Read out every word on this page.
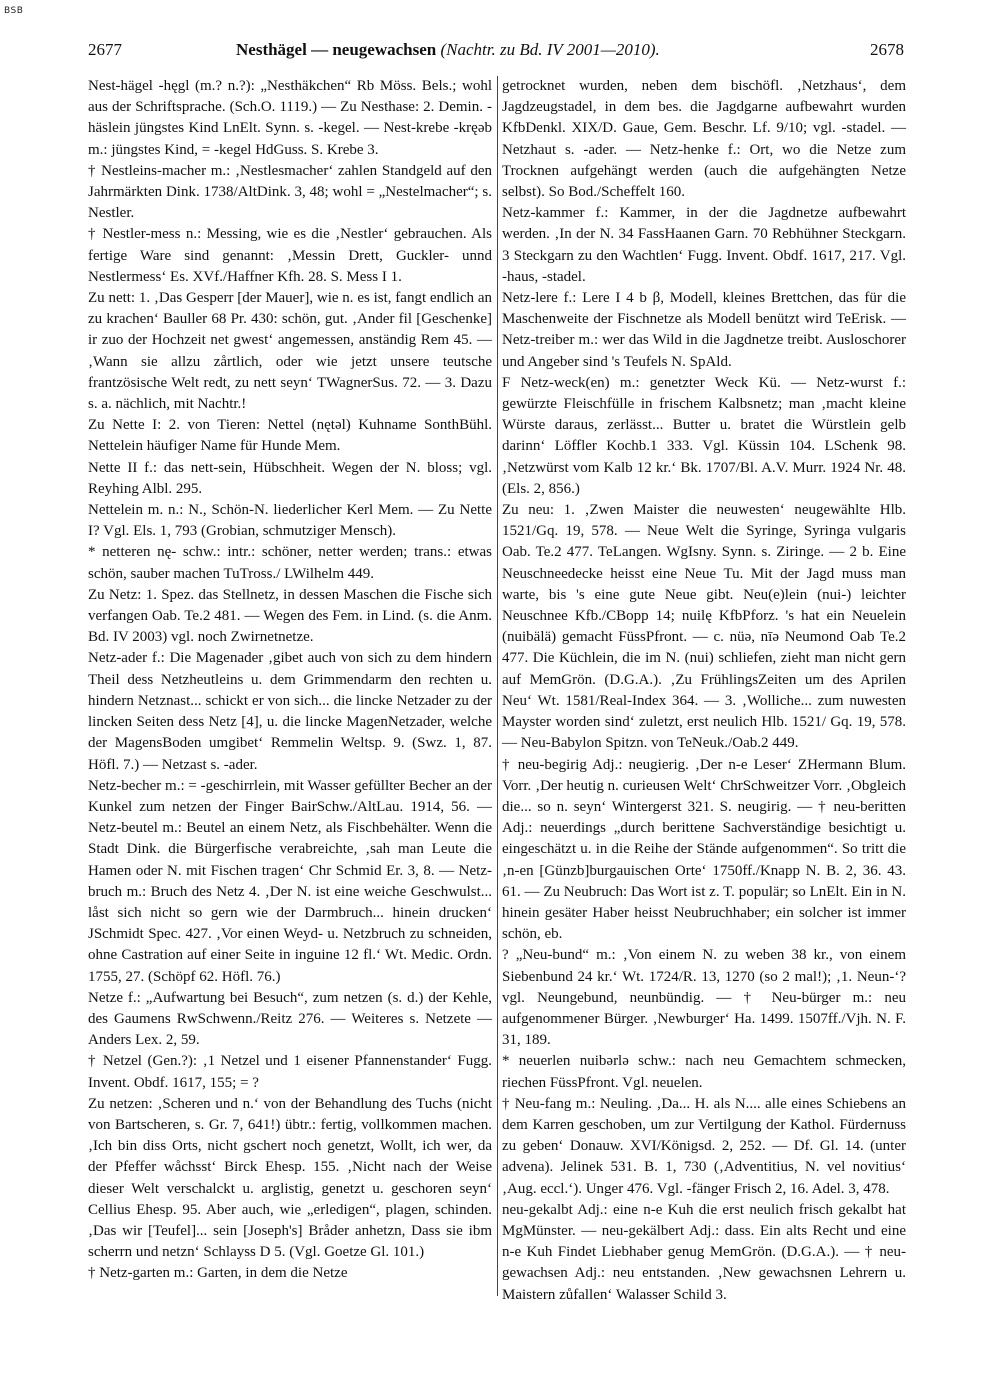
BSB
2677	Nesthägel — neugewachsen (Nachtr. zu Bd. IV 2001—2010).	2678

Nest-hägel -hęgl (m.? n.?): „Nesthäkchen“ Rb Möss. Bels.; wohl aus der Schriftsprache. (Sch.O. 1119.) — Zu Nesthase: 2. Demin. -häslein jüngstes Kind LnElt. Synn. s. -kegel. — Nest-krebe -kręəb m.: jüngstes Kind, = -kegel HdGuss. S. Krebe 3.

† Nestleins-macher m.: ‚Nestlesmacher‘ zahlen Standgeld auf den Jahrmärkten Dink. 1738/AltDink. 3, 48; wohl = „Nestelmacher“; s. Nestler.

† Nestler-mess n.: Messing, wie es die ‚Nestler‘ gebrauchen. Als fertige Ware sind genannt: ‚Messin Drett, Guckler- unnd Nestlermess‘ Es. XVf./Haffner Kfh. 28. S. Mess I 1.

Zu nett: 1. ‚Das Gesperr [der Mauer], wie n. es ist, fangt endlich an zu krachen‘ Bauller 68 Pr. 430: schön, gut. ‚Ander fil [Geschenke] ir zuo der Hochzeit net gwest‘ angemessen, anständig Rem 45. — ‚Wann sie allzu zårtlich, oder wie jetzt unsere teutsche frantzösische Welt redt, zu nett seyn‘ TWagnerSus. 72. — 3. Dazu s. a. nächlich, mit Nachtr.!

Zu Nette I: 2. von Tieren: Nettel (nętəl) Kuhname SonthBühl. Nettelein häufiger Name für Hunde Mem.

Nette II f.: das nett-sein, Hübschheit. Wegen der N. bloss; vgl. Reyhing Albl. 295.

Nettelein m. n.: N., Schön-N. liederlicher Kerl Mem. — Zu Nette I? Vgl. Els. 1, 793 (Grobian, schmutziger Mensch).

* netteren nę- schw.: intr.: schöner, netter werden; trans.: etwas schön, sauber machen TuTross./ LWilhelm 449.

Zu Netz: 1. Spez. das Stellnetz, in dessen Maschen die Fische sich verfangen Oab. Te.2 481. — Wegen des Fem. in Lind. (s. die Anm. Bd. IV 2003) vgl. noch Zwirnetnetze.

Netz-ader f.: Die Magenader ‚gibet auch von sich zu dem hindern Theil dess Netzheutleins u. dem Grimmendarm den rechten u. hindern Netznast... schickt er von sich... die lincke Netzader zu der lincken Seiten dess Netz [4], u. die lincke MagenNetzader, welche der MagensBoden umgibet‘ Remmelin Weltsp. 9. (Swz. 1, 87. Höfl. 7.) — Netzast s. -ader.

Netz-becher m.: = -geschirrlein, mit Wasser gefüllter Becher an der Kunkel zum netzen der Finger BairSchw./AltLau. 1914, 56. — Netz-beutel m.: Beutel an einem Netz, als Fischbehälter. Wenn die Stadt Dink. die Bürgerfische verabreichte, ‚sah man Leute die Hamen oder N. mit Fischen tragen‘ Chr Schmid Er. 3, 8. — Netz-bruch m.: Bruch des Netz 4. ‚Der N. ist eine weiche Geschwulst... låst sich nicht so gern wie der Darmbruch... hinein drucken‘ JSchmidt Spec. 427. ‚Vor einen Weyd- u. Netzbruch zu schneiden, ohne Castration auf einer Seite in inguine 12 fl.‘ Wt. Medic. Ordn. 1755, 27. (Schöpf 62. Höfl. 76.)

Netze f.: „Aufwartung bei Besuch“, zum netzen (s. d.) der Kehle, des Gaumens RwSchwenn./Reitz 276. — Weiteres s. Netzete — Anders Lex. 2, 59.

† Netzel (Gen.?): ‚1 Netzel und 1 eisener Pfannenstander‘ Fugg. Invent. Obdf. 1617, 155; = ?

Zu netzen: ‚Scheren und n.‘ von der Behandlung des Tuchs (nicht von Bartscheren, s. Gr. 7, 641!) übtr.: fertig, vollkommen machen. ‚Ich bin diss Orts, nicht gschert noch genetzt, Wollt, ich wer, da der Pfeffer wåchsst‘ Birck Ehesp. 155. ‚Nicht nach der Weise dieser Welt verschalckt u. arglistig, genetzt u. geschoren seyn‘ Cellius Ehesp. 95. Aber auch, wie „erledigen“, plagen, schinden. ‚Das wir [Teufel]... sein [Joseph's] Bråder anhetzn, Dass sie ibm scherrn und netzn‘ Schlayss D 5. (Vgl. Goetze Gl. 101.)

† Netz-garten m.: Garten, in dem die Netze

getrocknet wurden, neben dem bischöfl. ‚Netzhaus‘, dem Jagdzeugstadel, in dem bes. die Jagdgarne aufbewahrt wurden KfbDenkl. XIX/D. Gaue, Gem. Beschr. Lf. 9/10; vgl. -stadel. — Netzhaut s. -ader. — Netz-henke f.: Ort, wo die Netze zum Trocknen aufgehängt werden (auch die aufgehängten Netze selbst). So Bod./Scheffelt 160.

Netz-kammer f.: Kammer, in der die Jagdnetze aufbewahrt werden. ‚In der N. 34 FassHaanen Garn. 70 Rebhühner Steckgarn. 3 Steckgarn zu den Wachtlen‘ Fugg. Invent. Obdf. 1617, 217. Vgl. -haus, -stadel.

Netz-lere f.: Lere I 4 b β, Modell, kleines Brettchen, das für die Maschenweite der Fischnetze als Modell benützt wird TeErisk. — Netz-treiber m.: wer das Wild in die Jagdnetze treibt. Ausloschorer und Angeber sind 's Teufels N. SpAld.

F Netz-weck(en) m.: genetzter Weck Kü. — Netz-wurst f.: gewürzte Fleischfülle in frischem Kalbsnetz; man ‚macht kleine Würste daraus, zerlässt... Butter u. bratet die Würstlein gelb darinn‘ Löffler Kochb.1 333. Vgl. Küssin 104. LSchenk 98. ‚Netzwürst vom Kalb 12 kr.‘ Bk. 1707/Bl. A.V. Murr. 1924 Nr. 48. (Els. 2, 856.)

Zu neu: 1. ‚Zwen Maister die neuwesten‘ neugewählte Hlb. 1521/Gq. 19, 578. — Neue Welt die Syringe, Syringa vulgaris Oab. Te.2 477. TeLangen. WgIsny. Synn. s. Ziringe. — 2 b. Eine Neuschneedecke heisst eine Neue Tu. Mit der Jagd muss man warte, bis 's eine gute Neue gibt. Neu(e)lein (nui-) leichter Neuschnee Kfb./CBopp 14; nuilę KfbPforz. 's hat ein Neuelein (nuibälä) gemacht FüssPfront. — c. nüə, nīə Neumond Oab Te.2 477. Die Küchlein, die im N. (nui) schliefen, zieht man nicht gern auf MemGrön. (D.G.A.). ‚Zu FrühlingsZeiten um des Aprilen Neu‘ Wt. 1581/Real-Index 364. — 3. ‚Wolliche... zum nuwesten Mayster worden sind‘ zuletzt, erst neulich Hlb. 1521/ Gq. 19, 578. — Neu-Babylon Spitzn. von TeNeuk./Oab.2 449.

† neu-begirig Adj.: neugierig. ‚Der n-e Leser‘ ZHermann Blum. Vorr. ‚Der heutig n. curieusen Welt‘ ChrSchweitzer Vorr. ‚Obgleich die... so n. seyn‘ Wintergerst 321. S. neugirig. — † neu-beritten Adj.: neuerdings „durch berittene Sachverständige besichtigt u. eingeschätzt u. in die Reihe der Stände aufgenommen“. So tritt die ‚n-en [Günzb]burgauischen Orte‘ 1750ff./Knapp N. B. 2, 36. 43. 61. — Zu Neubruch: Das Wort ist z. T. populär; so LnElt. Ein in N. hinein gesäter Haber heisst Neubruchhaber; ein solcher ist immer schön, eb.

? „Neu-bund“ m.: ‚Von einem N. zu weben 38 kr., von einem Siebenbund 24 kr.‘ Wt. 1724/R. 13, 1270 (so 2 mal!); ‚1. Neun-‘? vgl. Neungebund, neunbündig. — † Neu-bürger m.: neu aufgenommener Bürger. ‚Newburger‘ Ha. 1499. 1507ff./Vjh. N. F. 31, 189.

* neuerlen nuibərlə schw.: nach neu Gemachtem schmecken, riechen FüssPfront. Vgl. neuelen.

† Neu-fang m.: Neuling. ‚Da... H. als N.... alle eines Schiebens an dem Karren geschoben, um zur Vertilgung der Kathol. Fürdernuss zu geben‘ Donauw. XVI/Königsd. 2, 252. — Df. Gl. 14. (unter advena). Jelinek 531. B. 1, 730 (‚Adventitius, N. vel novitius‘ ‚Aug. eccl.‘). Unger 476. Vgl. -fänger Frisch 2, 16. Adel. 3, 478.

neu-gekalbt Adj.: eine n-e Kuh die erst neulich frisch gekalbt hat MgMünster. — neu-gekälbert Adj.: dass. Ein alts Recht und eine n-e Kuh Findet Liebhaber genug MemGrön. (D.G.A.). — † neu-gewachsen Adj.: neu entstanden. ‚New gewachsnen Lehrern u. Maistern zůfallen‘ Walasser Schild 3.
